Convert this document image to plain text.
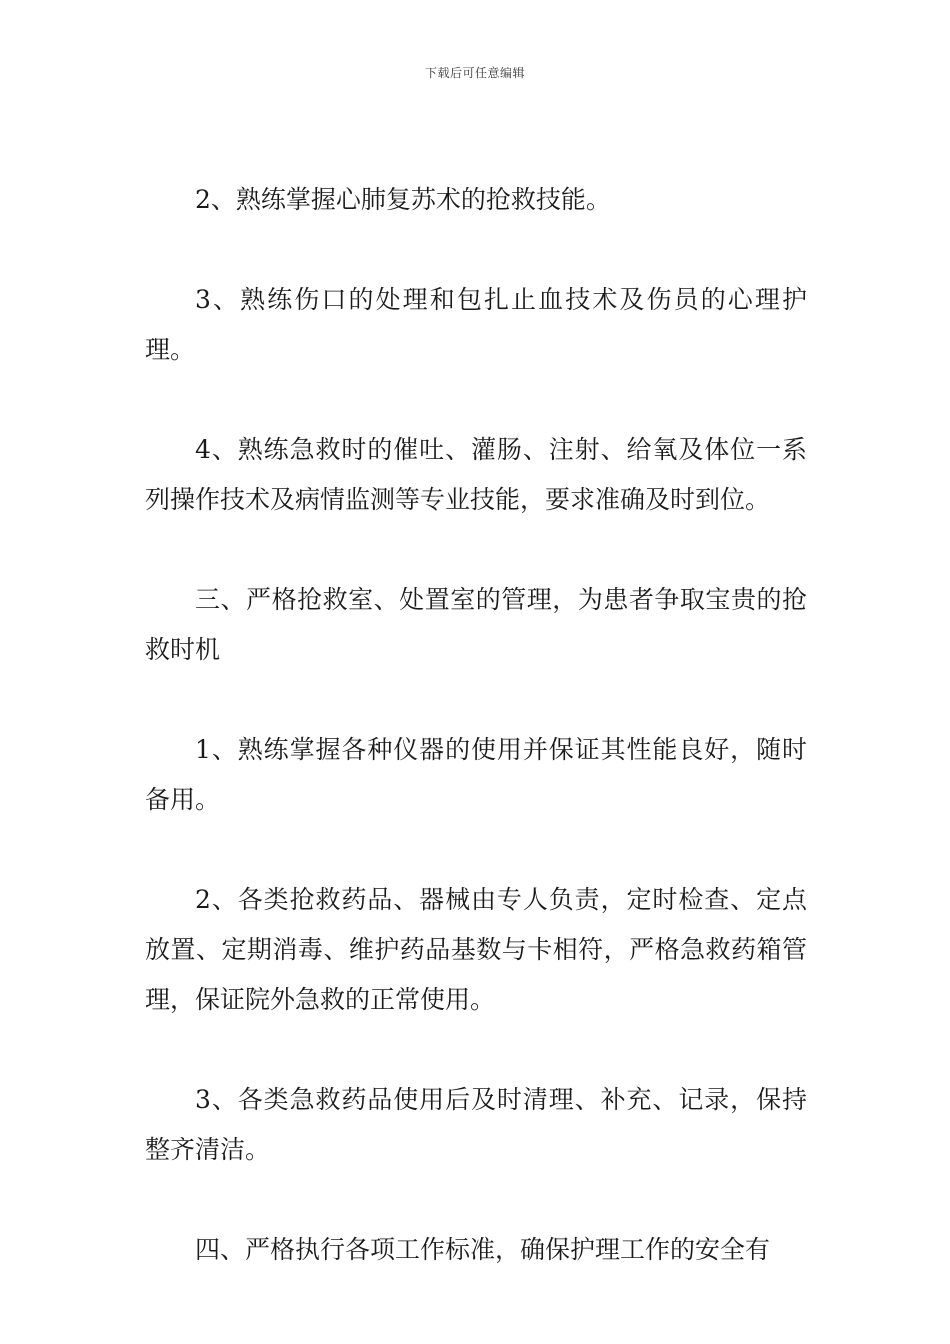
下载后可任意编辑

2、熟练掌握心肺复苏术的抢救技能。

3、熟练伤口的处理和包扎止血技术及伤员的心理护理。

4、熟练急救时的催吐、灌肠、注射、给氧及体位一系列操作技术及病情监测等专业技能，要求准确及时到位。

三、严格抢救室、处置室的管理，为患者争取宝贵的抢救时机

1、熟练掌握各种仪器的使用并保证其性能良好，随时备用。

2、各类抢救药品、器械由专人负责，定时检查、定点放置、定期消毒、维护药品基数与卡相符，严格急救药箱管理，保证院外急救的正常使用。

3、各类急救药品使用后及时清理、补充、记录，保持整齐清洁。

四、严格执行各项工作标准，确保护理工作的安全有
